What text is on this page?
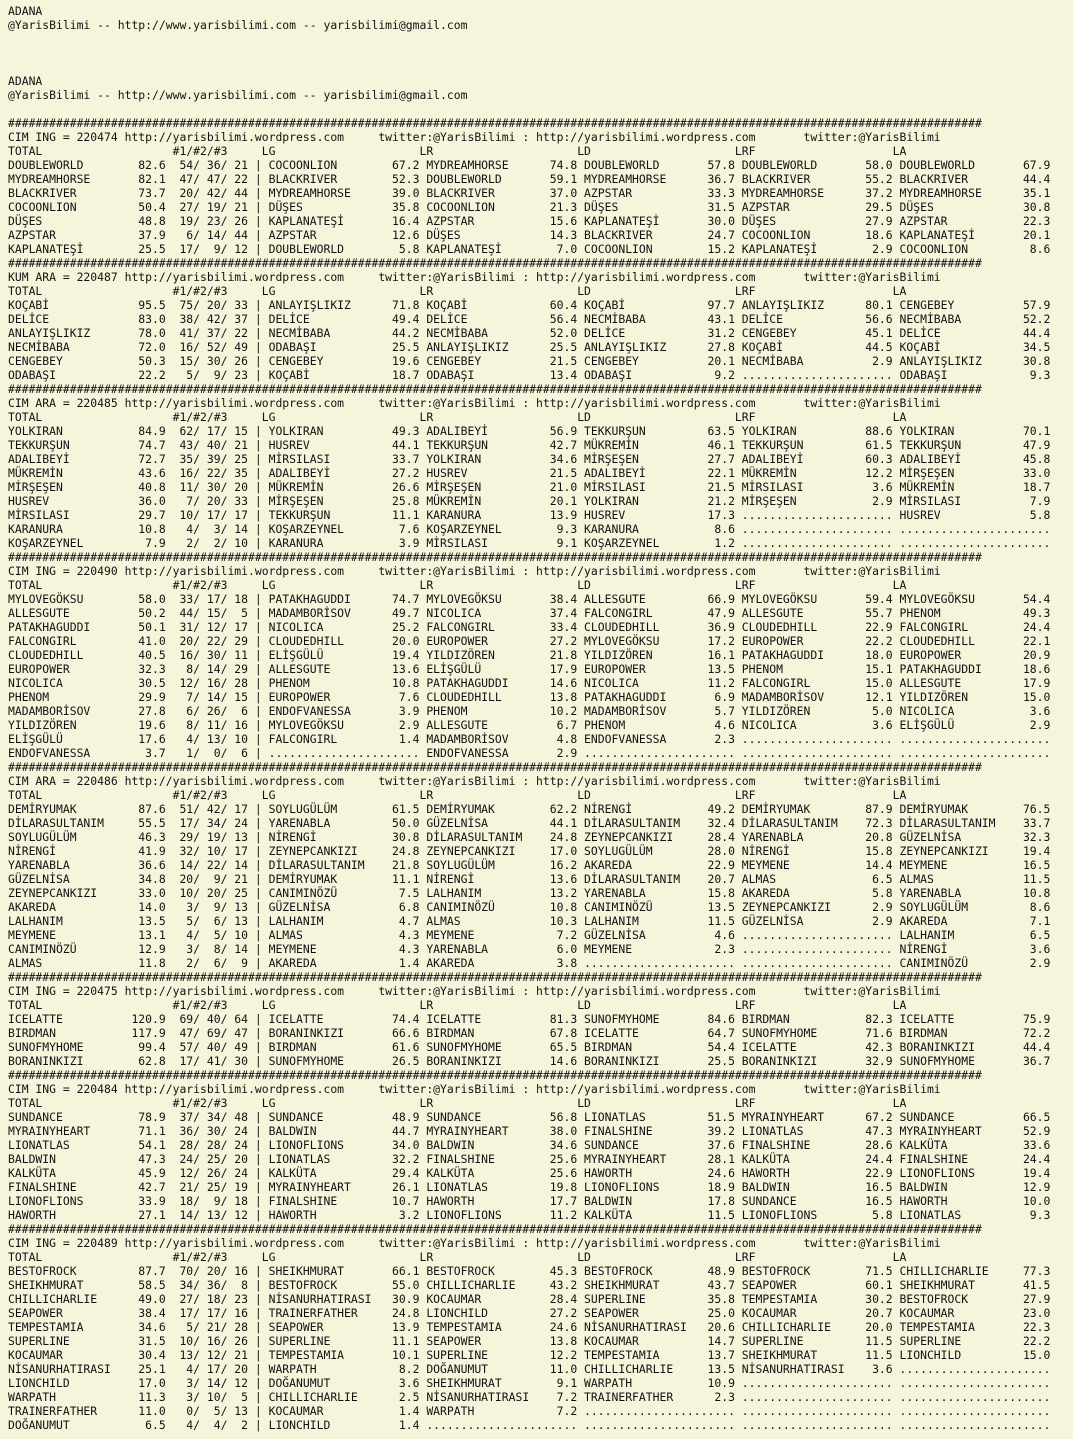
ADANA
@YarisBilimi -- http://www.yarisbilimi.com -- yarisbilimi@gmail.com

ADANA
@YarisBilimi -- http://www.yarisbilimi.com -- yarisbilimi@gmail.com

##############################################################################################################################################
CIM ING = 220474 http://yarisbilimi.wordpress.com     twitter:@YarisBilimi : http://yarisbilimi.wordpress.com       twitter:@YarisBilimi
TOTAL                   #1/#2/#3     LG                     LR                     LD                     LRF                    LA
DOUBLEWORLD        82.6  54/ 36/ 21 | COCOONLION        67.2 MYDREAMHORSE      74.8 DOUBLEWORLD       57.8 DOUBLEWORLD       58.0 DOUBLEWORLD       67.9
MYDREAMHORSE       82.1  47/ 47/ 22 | BLACKRIVER        52.3 DOUBLEWORLD       59.1 MYDREAMHORSE      36.7 BLACKRIVER        55.2 BLACKRIVER        44.4
BLACKRIVER         73.7  20/ 42/ 44 | MYDREAMHORSE      39.0 BLACKRIVER        37.0 AZPSTAR           33.3 MYDREAMHORSE      37.2 MYDREAMHORSE      35.1
COCOONLION         50.4  27/ 19/ 21 | DÜŞES             35.8 COCOONLION        21.3 DÜŞES             31.5 AZPSTAR           29.5 DÜŞES             30.8
DÜŞES              48.8  19/ 23/ 26 | KAPLANATEŞİ       16.4 AZPSTAR           15.6 KAPLANATEŞİ       30.0 DÜŞES             27.9 AZPSTAR           22.3
AZPSTAR            37.9   6/ 14/ 44 | AZPSTAR           12.6 DÜŞES             14.3 BLACKRIVER        24.7 COCOONLION        18.6 KAPLANATEŞİ       20.1
KAPLANATEŞİ        25.5  17/  9/ 12 | DOUBLEWORLD        5.8 KAPLANATEŞİ        7.0 COCOONLION        15.2 KAPLANATEŞİ        2.9 COCOONLION         8.6
##############################################################################################################################################
KUM ARA = 220487 http://yarisbilimi.wordpress.com     twitter:@YarisBilimi : http://yarisbilimi.wordpress.com       twitter:@YarisBilimi
TOTAL                   #1/#2/#3     LG                     LR                     LD                     LRF                    LA
KOÇABİ             95.5  75/ 20/ 33 | ANLAYIŞLIKIZ      71.8 KOÇABİ            60.4 KOÇABİ            97.7 ANLAYIŞLIKIZ      80.1 CENGEBEY          57.9
DELİCE             83.0  38/ 42/ 37 | DELİCE            49.4 DELİCE            56.4 NECMİBABA         43.1 DELİCE            56.6 NECMİBABA         52.2
ANLAYIŞLIKIZ       78.0  41/ 37/ 22 | NECMİBABA         44.2 NECMİBABA         52.0 DELİCE            31.2 CENGEBEY          45.1 DELİCE            44.4
NECMİBABA          72.0  16/ 52/ 49 | ODABAŞI           25.5 ANLAYIŞLIKIZ      25.5 ANLAYIŞLIKIZ      27.8 KOÇABİ            44.5 KOÇABİ            34.5
CENGEBEY           50.3  15/ 30/ 26 | CENGEBEY          19.6 CENGEBEY          21.5 CENGEBEY          20.1 NECMİBABA          2.9 ANLAYIŞLIKIZ      30.8
ODABAŞI            22.2   5/  9/ 23 | KOÇABİ            18.7 ODABAŞI           13.4 ODABAŞI            9.2 ...................... ODABAŞI            9.3
##############################################################################################################################################
CIM ARA = 220485 http://yarisbilimi.wordpress.com     twitter:@YarisBilimi : http://yarisbilimi.wordpress.com       twitter:@YarisBilimi
TOTAL                   #1/#2/#3     LG                     LR                     LD                     LRF                    LA
YOLKIRAN           84.9  62/ 17/ 15 | YOLKIRAN          49.3 ADALIBEYİ         56.9 TEKKURŞUN         63.5 YOLKIRAN          88.6 YOLKIRAN          70.1
TEKKURŞUN          74.7  43/ 40/ 21 | HUSREV            44.1 TEKKURŞUN         42.7 MÜKREMİN          46.1 TEKKURŞUN         61.5 TEKKURŞUN         47.9
ADALIBEYİ          72.7  35/ 39/ 25 | MİRSILASI         33.7 YOLKIRAN          34.6 MİRŞEŞEN          27.7 ADALIBEYİ         60.3 ADALIBEYİ         45.8
MÜKREMİN           43.6  16/ 22/ 35 | ADALIBEYİ         27.2 HUSREV            21.5 ADALIBEYİ         22.1 MÜKREMİN          12.2 MİRŞEŞEN          33.0
MİRŞEŞEN           40.8  11/ 30/ 20 | MÜKREMİN          26.6 MİRŞEŞEN          21.0 MİRSILASI         21.5 MİRSILASI          3.6 MÜKREMİN          18.7
HUSREV             36.0   7/ 20/ 33 | MİRŞEŞEN          25.8 MÜKREMİN          20.1 YOLKIRAN          21.2 MİRŞEŞEN           2.9 MİRSILASI          7.9
MİRSILASI          29.7  10/ 17/ 17 | TEKKURŞUN         11.1 KARANURA          13.9 HUSREV            17.3 ...................... HUSREV             5.8
KARANURA           10.8   4/  3/ 14 | KOŞARZEYNEL        7.6 KOŞARZEYNEL        9.3 KARANURA           8.6 ...................... ......................
KOŞARZEYNEL         7.9   2/  2/ 10 | KARANURA           3.9 MİRSILASI          9.1 KOŞARZEYNEL        1.2 ...................... ......................
##############################################################################################################################################
CIM ING = 220490 http://yarisbilimi.wordpress.com     twitter:@YarisBilimi : http://yarisbilimi.wordpress.com       twitter:@YarisBilimi
TOTAL                   #1/#2/#3     LG                     LR                     LD                     LRF                    LA
MYLOVEGÖKSU        58.0  33/ 17/ 18 | PATAKHAGUDDI      74.7 MYLOVEGÖKSU       38.4 ALLESGUTE         66.9 MYLOVEGÖKSU       59.4 MYLOVEGÖKSU       54.4
ALLESGUTE          50.2  44/ 15/  5 | MADAMBORİSOV      49.7 NICOLICA          37.4 FALCONGIRL        47.9 ALLESGUTE         55.7 PHENOM            49.3
PATAKHAGUDDI       50.1  31/ 12/ 17 | NICOLICA          25.2 FALCONGIRL        33.4 CLOUDEDHILL       36.9 CLOUDEDHILL       22.9 FALCONGIRL        24.4
FALCONGIRL         41.0  20/ 22/ 29 | CLOUDEDHILL       20.0 EUROPOWER         27.2 MYLOVEGÖKSU       17.2 EUROPOWER         22.2 CLOUDEDHILL       22.1
CLOUDEDHILL        40.5  16/ 30/ 11 | ELİŞGÜLÜ          19.4 YILDIZÖREN        21.8 YILDIZÖREN        16.1 PATAKHAGUDDI      18.0 EUROPOWER         20.9
EUROPOWER          32.3   8/ 14/ 29 | ALLESGUTE         13.6 ELİŞGÜLÜ          17.9 EUROPOWER         13.5 PHENOM            15.1 PATAKHAGUDDI      18.6
NICOLICA           30.5  12/ 16/ 28 | PHENOM            10.8 PATAKHAGUDDI      14.6 NICOLICA          11.2 FALCONGIRL        15.0 ALLESGUTE         17.9
PHENOM             29.9   7/ 14/ 15 | EUROPOWER          7.6 CLOUDEDHILL       13.8 PATAKHAGUDDI       6.9 MADAMBORİSOV      12.1 YILDIZÖREN        15.0
MADAMBORİSOV       27.8   6/ 26/  6 | ENDOFVANESSA       3.9 PHENOM            10.2 MADAMBORİSOV       5.7 YILDIZÖREN         5.0 NICOLICA           3.6
YILDIZÖREN         19.6   8/ 11/ 16 | MYLOVEGÖKSU        2.9 ALLESGUTE          6.7 PHENOM             4.6 NICOLICA           3.6 ELİŞGÜLÜ           2.9
ELİŞGÜLÜ           17.6   4/ 13/ 10 | FALCONGIRL         1.4 MADAMBORİSOV       4.8 ENDOFVANESSA       2.3 ...................... ......................
ENDOFVANESSA        3.7   1/  0/  6 | ...................... ENDOFVANESSA       2.9 ...................... ...................... ......................
##############################################################################################################################################
CIM ARA = 220486 http://yarisbilimi.wordpress.com     twitter:@YarisBilimi : http://yarisbilimi.wordpress.com       twitter:@YarisBilimi
TOTAL                   #1/#2/#3     LG                     LR                     LD                     LRF                    LA
DEMİRYUMAK         87.6  51/ 42/ 17 | SOYLUGÜLÜM        61.5 DEMİRYUMAK        62.2 NİRENGİ           49.2 DEMİRYUMAK        87.9 DEMİRYUMAK        76.5
DİLARASULTANIM     55.5  17/ 34/ 24 | YARENABLA         50.0 GÜZELNİSA         44.1 DİLARASULTANIM    32.4 DİLARASULTANIM    72.3 DİLARASULTANIM    33.7
SOYLUGÜLÜM         46.3  29/ 19/ 13 | NİRENGİ           30.8 DİLARASULTANIM    24.8 ZEYNEPCANKIZI     28.4 YARENABLA         20.8 GÜZELNİSA         32.3
NİRENGİ            41.9  32/ 10/ 17 | ZEYNEPCANKIZI     24.8 ZEYNEPCANKIZI     17.0 SOYLUGÜLÜM        28.0 NİRENGİ           15.8 ZEYNEPCANKIZI     19.4
YARENABLA          36.6  14/ 22/ 14 | DİLARASULTANIM    21.8 SOYLUGÜLÜM        16.2 AKAREDA           22.9 MEYMENE           14.4 MEYMENE           16.5
GÜZELNİSA          34.8  20/  9/ 21 | DEMİRYUMAK        11.1 NİRENGİ           13.6 DİLARASULTANIM    20.7 ALMAS              6.5 ALMAS             11.5
ZEYNEPCANKIZI      33.0  10/ 20/ 25 | CANIMINÖZÜ         7.5 LALHANIM          13.2 YARENABLA         15.8 AKAREDA            5.8 YARENABLA         10.8
AKAREDA            14.0   3/  9/ 13 | GÜZELNİSA          6.8 CANIMINÖZÜ        10.8 CANIMINÖZÜ        13.5 ZEYNEPCANKIZI      2.9 SOYLUGÜLÜM         8.6
LALHANIM           13.5   5/  6/ 13 | LALHANIM           4.7 ALMAS             10.3 LALHANIM          11.5 GÜZELNİSA          2.9 AKAREDA            7.1
MEYMENE            13.1   4/  5/ 10 | ALMAS              4.3 MEYMENE            7.2 GÜZELNİSA          4.6 ...................... LALHANIM           6.5
CANIMINÖZÜ         12.9   3/  8/ 14 | MEYMENE            4.3 YARENABLA          6.0 MEYMENE            2.3 ...................... NİRENGİ            3.6
ALMAS              11.8   2/  6/  9 | AKAREDA            1.4 AKAREDA            3.8 ...................... ...................... CANIMINÖZÜ         2.9
##############################################################################################################################################
CIM ING = 220475 http://yarisbilimi.wordpress.com     twitter:@YarisBilimi : http://yarisbilimi.wordpress.com       twitter:@YarisBilimi
TOTAL                   #1/#2/#3     LG                     LR                     LD                     LRF                    LA
ICELATTE          120.9  69/ 40/ 64 | ICELATTE          74.4 ICELATTE          81.3 SUNOFMYHOME       84.6 BIRDMAN           82.3 ICELATTE          75.9
BIRDMAN           117.9  47/ 69/ 47 | BORANINKIZI       66.6 BIRDMAN           67.8 ICELATTE          64.7 SUNOFMYHOME       71.6 BIRDMAN           72.2
SUNOFMYHOME        99.4  57/ 40/ 49 | BIRDMAN           61.6 SUNOFMYHOME       65.5 BIRDMAN           54.4 ICELATTE          42.3 BORANINKIZI       44.4
BORANINKIZI        62.8  17/ 41/ 30 | SUNOFMYHOME       26.5 BORANINKIZI       14.6 BORANINKIZI       25.5 BORANINKIZI       32.9 SUNOFMYHOME       36.7
##############################################################################################################################################
CIM ING = 220484 http://yarisbilimi.wordpress.com     twitter:@YarisBilimi : http://yarisbilimi.wordpress.com       twitter:@YarisBilimi
TOTAL                   #1/#2/#3     LG                     LR                     LD                     LRF                    LA
SUNDANCE           78.9  37/ 34/ 48 | SUNDANCE          48.9 SUNDANCE          56.8 LIONATLAS         51.5 MYRAINYHEART      67.2 SUNDANCE          66.5
MYRAINYHEART       71.1  36/ 30/ 24 | BALDWIN           44.7 MYRAINYHEART      38.0 FINALSHINE        39.2 LIONATLAS         47.3 MYRAINYHEART      52.9
LIONATLAS          54.1  28/ 28/ 24 | LIONOFLIONS       34.0 BALDWIN           34.6 SUNDANCE          37.6 FINALSHINE        28.6 KALKÜTA           33.6
BALDWIN            47.3  24/ 25/ 20 | LIONATLAS         32.2 FINALSHINE        25.6 MYRAINYHEART      28.1 KALKÜTA           24.4 FINALSHINE        24.4
KALKÜTA            45.9  12/ 26/ 24 | KALKÜTA           29.4 KALKÜTA           25.6 HAWORTH           24.6 HAWORTH           22.9 LIONOFLIONS       19.4
FINALSHINE         42.7  21/ 25/ 19 | MYRAINYHEART      26.1 LIONATLAS         19.8 LIONOFLIONS       18.9 BALDWIN           16.5 BALDWIN           12.9
LIONOFLIONS        33.9  18/  9/ 18 | FINALSHINE        10.7 HAWORTH           17.7 BALDWIN           17.8 SUNDANCE          16.5 HAWORTH           10.0
HAWORTH            27.1  14/ 13/ 12 | HAWORTH            3.2 LIONOFLIONS       11.2 KALKÜTA           11.5 LIONOFLIONS        5.8 LIONATLAS          9.3
##############################################################################################################################################
CIM ING = 220489 http://yarisbilimi.wordpress.com     twitter:@YarisBilimi : http://yarisbilimi.wordpress.com       twitter:@YarisBilimi
TOTAL                   #1/#2/#3     LG                     LR                     LD                     LRF                    LA
BESTOFROCK         87.7  70/ 20/ 16 | SHEIKHMURAT       66.1 BESTOFROCK        45.3 BESTOFROCK        48.9 BESTOFROCK        71.5 CHILLICHARLIE     77.3
SHEIKHMURAT        58.5  34/ 36/  8 | BESTOFROCK        55.0 CHILLICHARLIE     43.2 SHEIKHMURAT       43.7 SEAPOWER          60.1 SHEIKHMURAT       41.5
CHILLICHARLIE      49.0  27/ 18/ 23 | NİSANURHATIRASI   30.9 KOCAUMAR          28.4 SUPERLINE         35.8 TEMPESTAMIA       30.2 BESTOFROCK        27.9
SEAPOWER           38.4  17/ 17/ 16 | TRAINERFATHER     24.8 LIONCHILD         27.2 SEAPOWER          25.0 KOCAUMAR          20.7 KOCAUMAR          23.0
TEMPESTAMIA        34.6   5/ 21/ 28 | SEAPOWER          13.9 TEMPESTAMIA       24.6 NİSANURHATIRASI   20.6 CHILLICHARLIE     20.0 TEMPESTAMIA       22.3
SUPERLINE          31.5  10/ 16/ 26 | SUPERLINE         11.1 SEAPOWER          13.8 KOCAUMAR          14.7 SUPERLINE         11.5 SUPERLINE         22.2
KOCAUMAR           30.4  13/ 12/ 21 | TEMPESTAMIA       10.1 SUPERLINE         12.2 TEMPESTAMIA       13.7 SHEIKHMURAT       11.5 LIONCHILD         15.0
NİSANURHATIRASI    25.1   4/ 17/ 20 | WARPATH            8.2 DOĞANUMUT         11.0 CHILLICHARLIE     13.5 NİSANURHATIRASI    3.6 ......................
LIONCHILD          17.0   3/ 14/ 12 | DOĞANUMUT          3.6 SHEIKHMURAT        9.1 WARPATH           10.9 ...................... ......................
WARPATH            11.3   3/ 10/  5 | CHILLICHARLIE      2.5 NİSANURHATIRASI    7.2 TRAINERFATHER      2.3 ...................... ......................
TRAINERFATHER      11.0   0/  5/ 13 | KOCAUMAR           1.4 WARPATH            7.2 ...................... ...................... ......................
DOĞANUMUT           6.5   4/  4/  2 | LIONCHILD          1.4 ...................... ...................... ...................... ......................
